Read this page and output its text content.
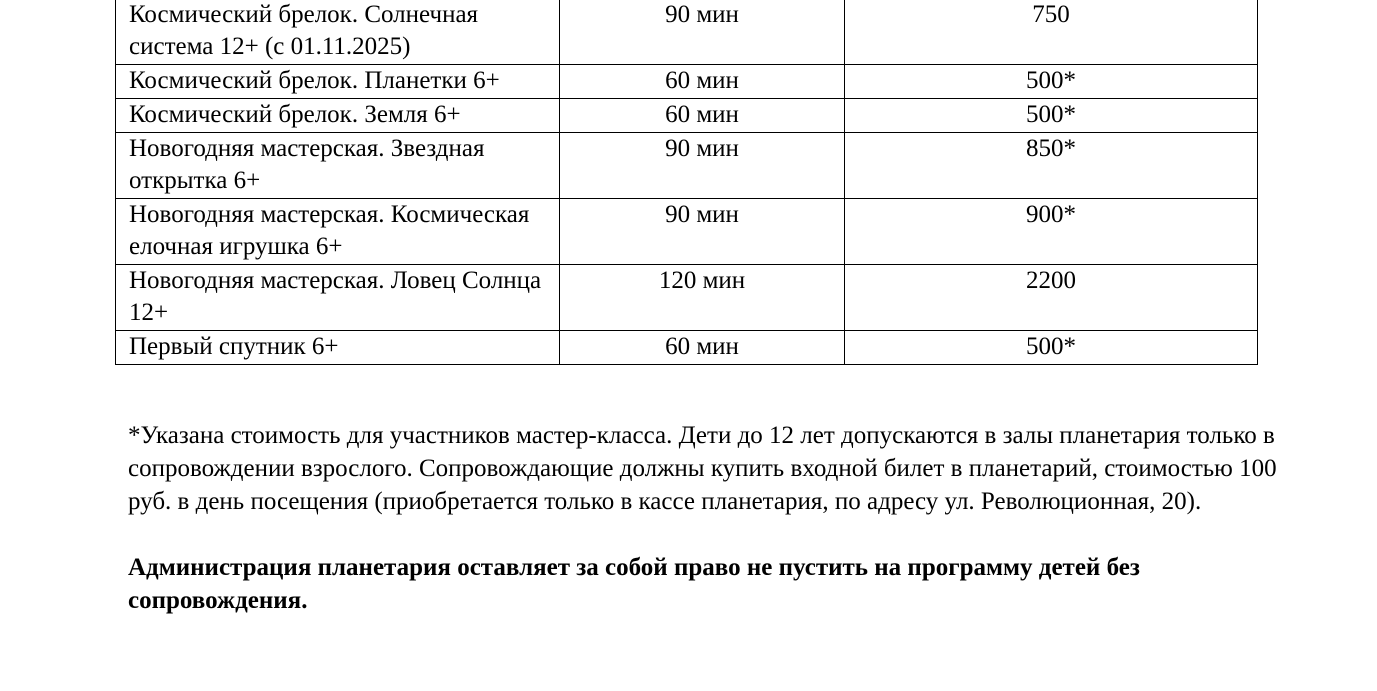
Космический брелок. Солнечная система 12+ (с 01.11.2025)	90 мин	750
Космический брелок. Планетки 6+	60 мин	500*
Космический брелок. Земля 6+	60 мин	500*
Новогодняя мастерская. Звездная открытка 6+	90 мин	850*
Новогодняя мастерская. Космическая елочная игрушка 6+	90 мин	900*
Новогодняя мастерская. Ловец Солнца 12+	120 мин	2200
Первый спутник 6+	60 мин	500*

*Указана стоимость для участников мастер-класса. Дети до 12 лет допускаются в залы планетария только в сопровождении взрослого. Сопровождающие должны купить входной билет в планетарий, стоимостью 100 руб. в день посещения (приобретается только в кассе планетария, по адресу ул. Революционная, 20).

Администрация планетария оставляет за собой право не пустить на программу детей без сопровождения.
